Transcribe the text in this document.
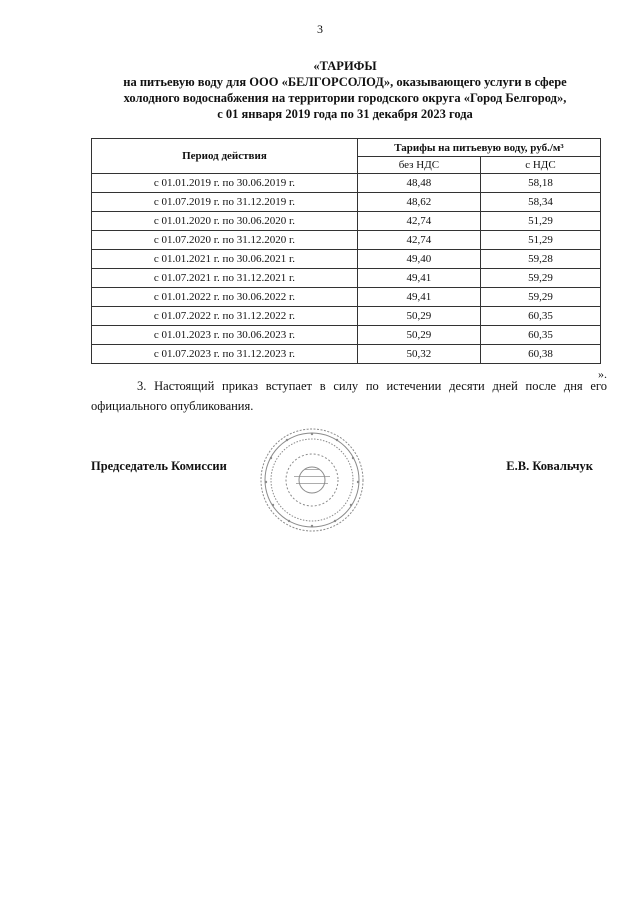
3
«ТАРИФЫ
на питьевую воду для ООО «БЕЛГОРСОЛОД», оказывающего услуги в сфере
холодного водоснабжения на территории городского округа «Город Белгород»,
с 01 января 2019 года по 31 декабря 2023 года
Период действия	Тарифы на питьевую воду, руб./м³	
	без НДС	с НДС
с 01.01.2019 г. по 30.06.2019 г.	48,48	58,18
с 01.07.2019 г. по 31.12.2019 г.	48,62	58,34
с 01.01.2020 г. по 30.06.2020 г.	42,74	51,29
с 01.07.2020 г. по 31.12.2020 г.	42,74	51,29
с 01.01.2021 г. по 30.06.2021 г.	49,40	59,28
с 01.07.2021 г. по 31.12.2021 г.	49,41	59,29
с 01.01.2022 г. по 30.06.2022 г.	49,41	59,29
с 01.07.2022 г. по 31.12.2022 г.	50,29	60,35
с 01.01.2023 г. по 30.06.2023 г.	50,29	60,35
с 01.07.2023 г. по 31.12.2023 г.	50,32	60,38
».
3. Настоящий приказ вступает в силу по истечении десяти дней после дня его официального опубликования.
Председатель Комиссии	Е.В. Ковальчук
